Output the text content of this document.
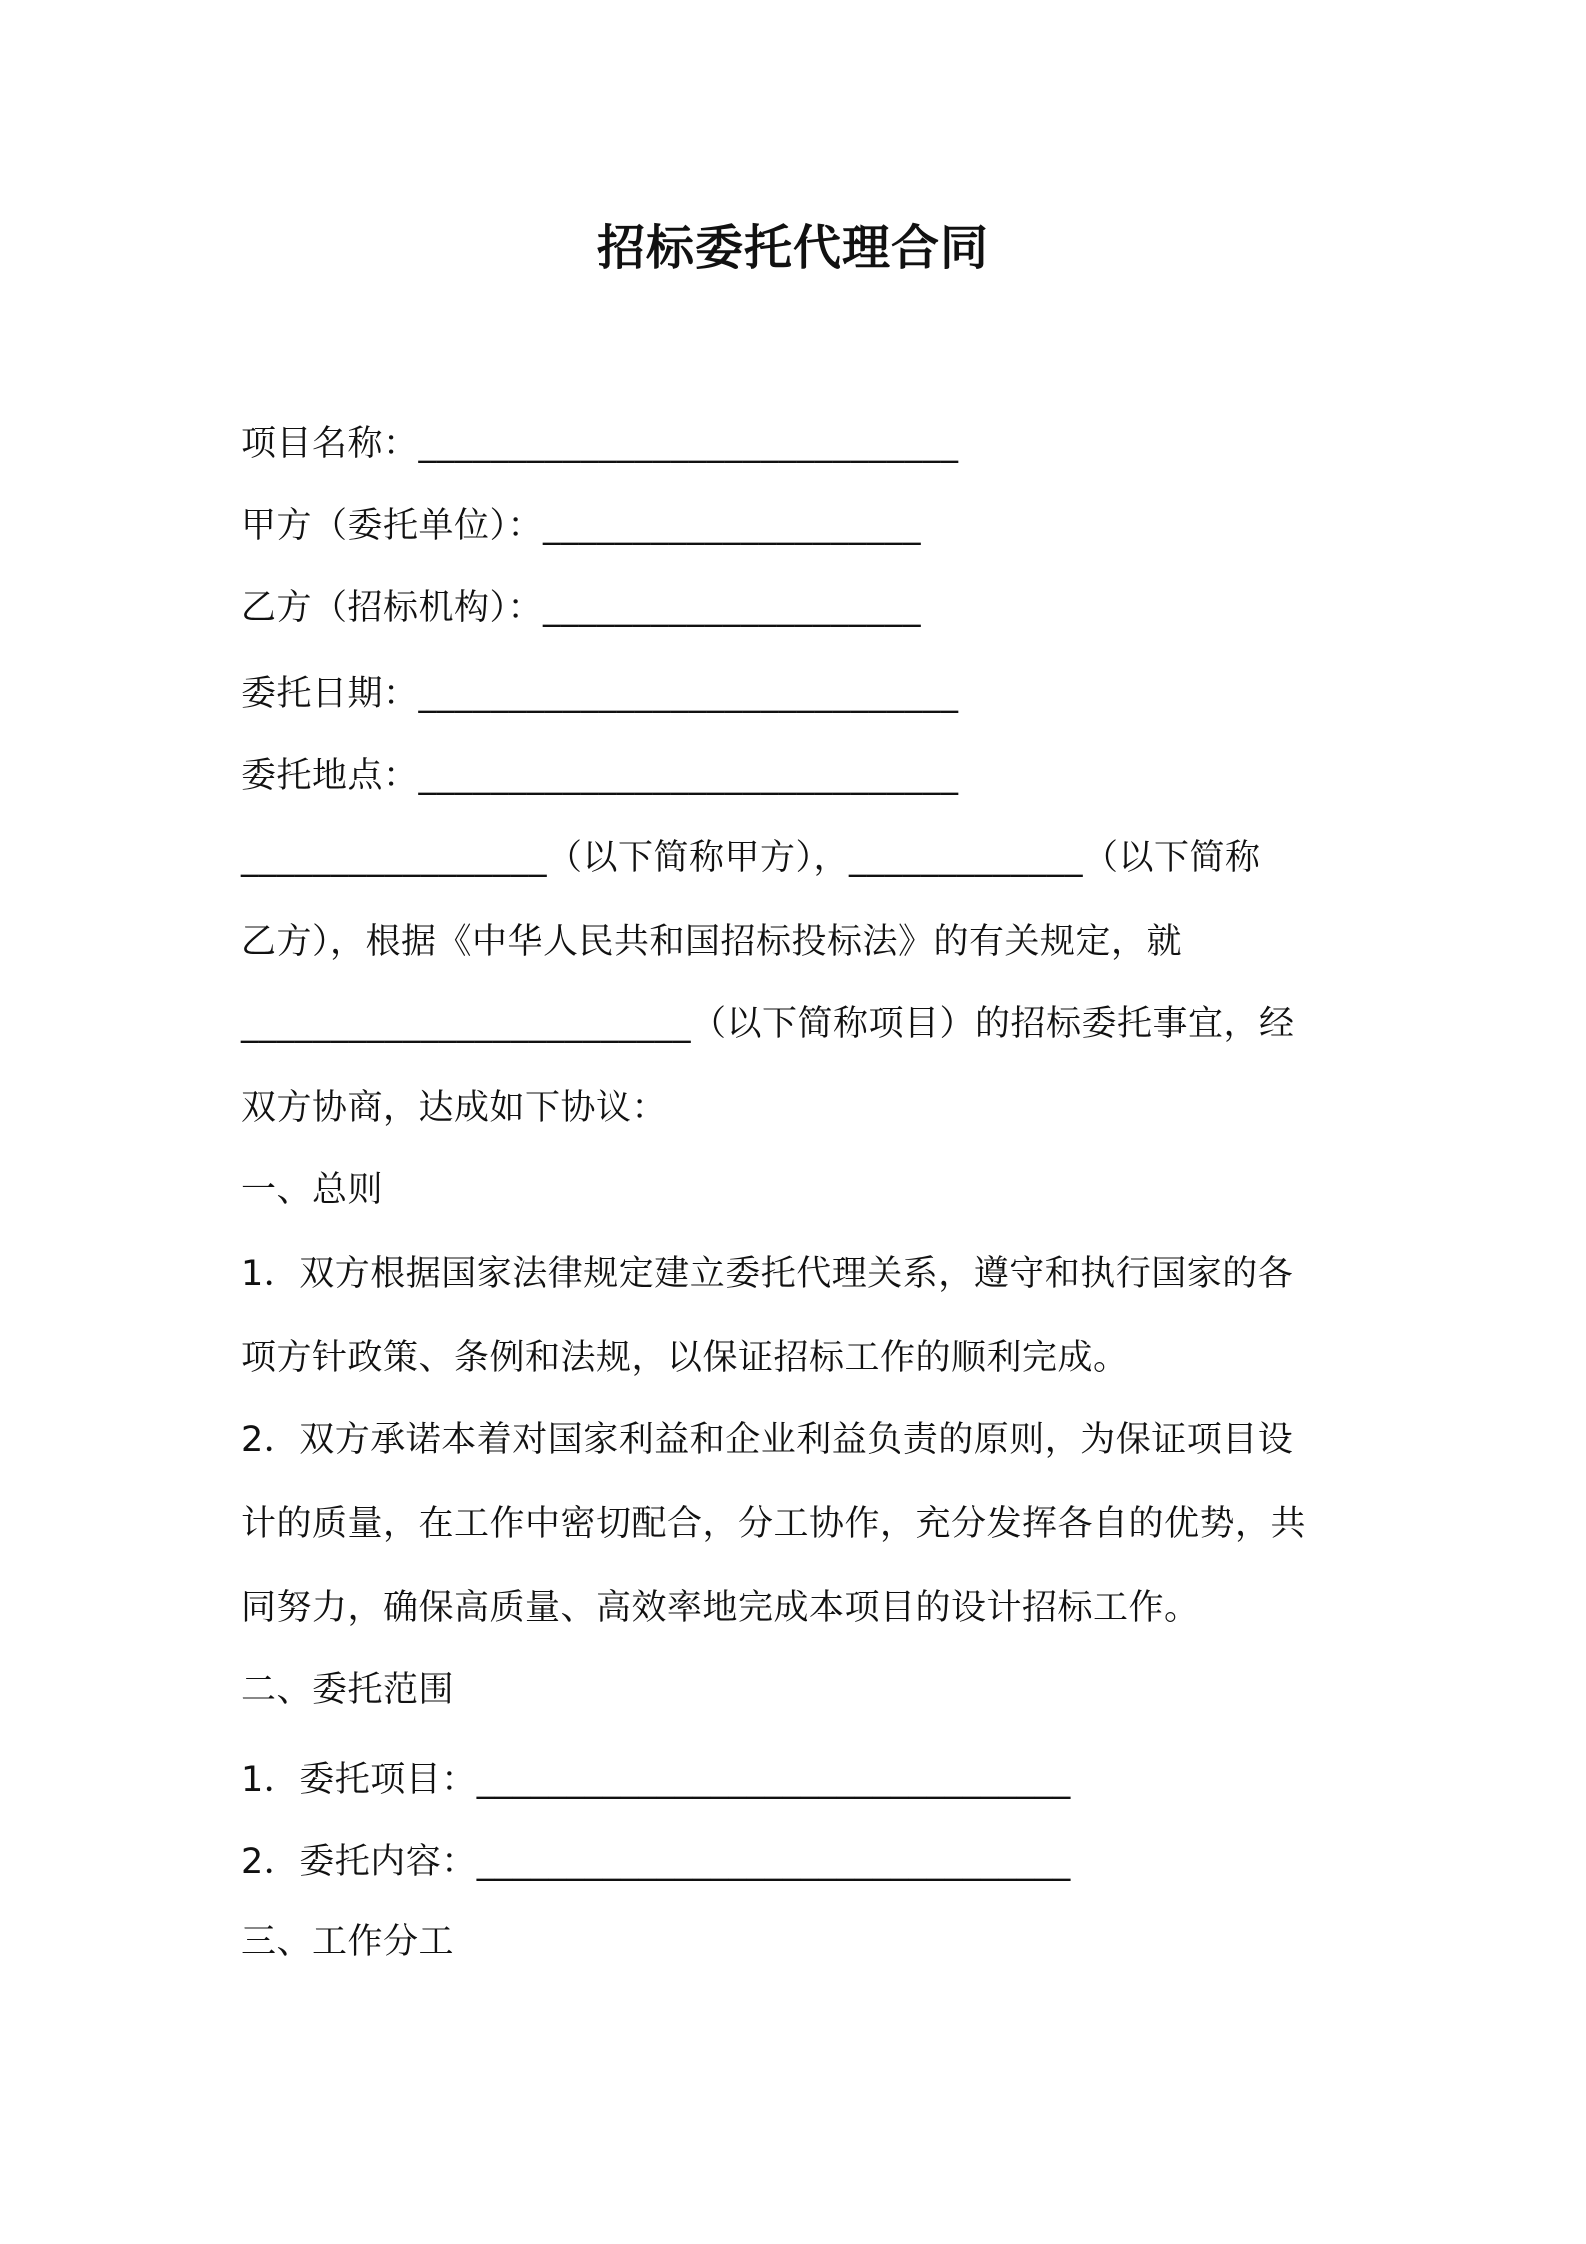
招标委托代理合同
项目名称：______________________________
甲方（委托单位）：_____________________
乙方（招标机构）：_____________________
委托日期：______________________________
委托地点：______________________________
_________________（以下简称甲方），_____________（以下简称
乙方），根据《中华人民共和国招标投标法》的有关规定，就
_________________________（以下简称项目）的招标委托事宜，经
双方协商，达成如下协议：
一、总则
1．双方根据国家法律规定建立委托代理关系，遵守和执行国家的各
项方针政策、条例和法规，以保证招标工作的顺利完成。
2．双方承诺本着对国家利益和企业利益负责的原则，为保证项目设
计的质量，在工作中密切配合，分工协作，充分发挥各自的优势，共
同努力，确保高质量、高效率地完成本项目的设计招标工作。
二、委托范围
1．委托项目：_________________________________
2．委托内容：_________________________________
三、工作分工
